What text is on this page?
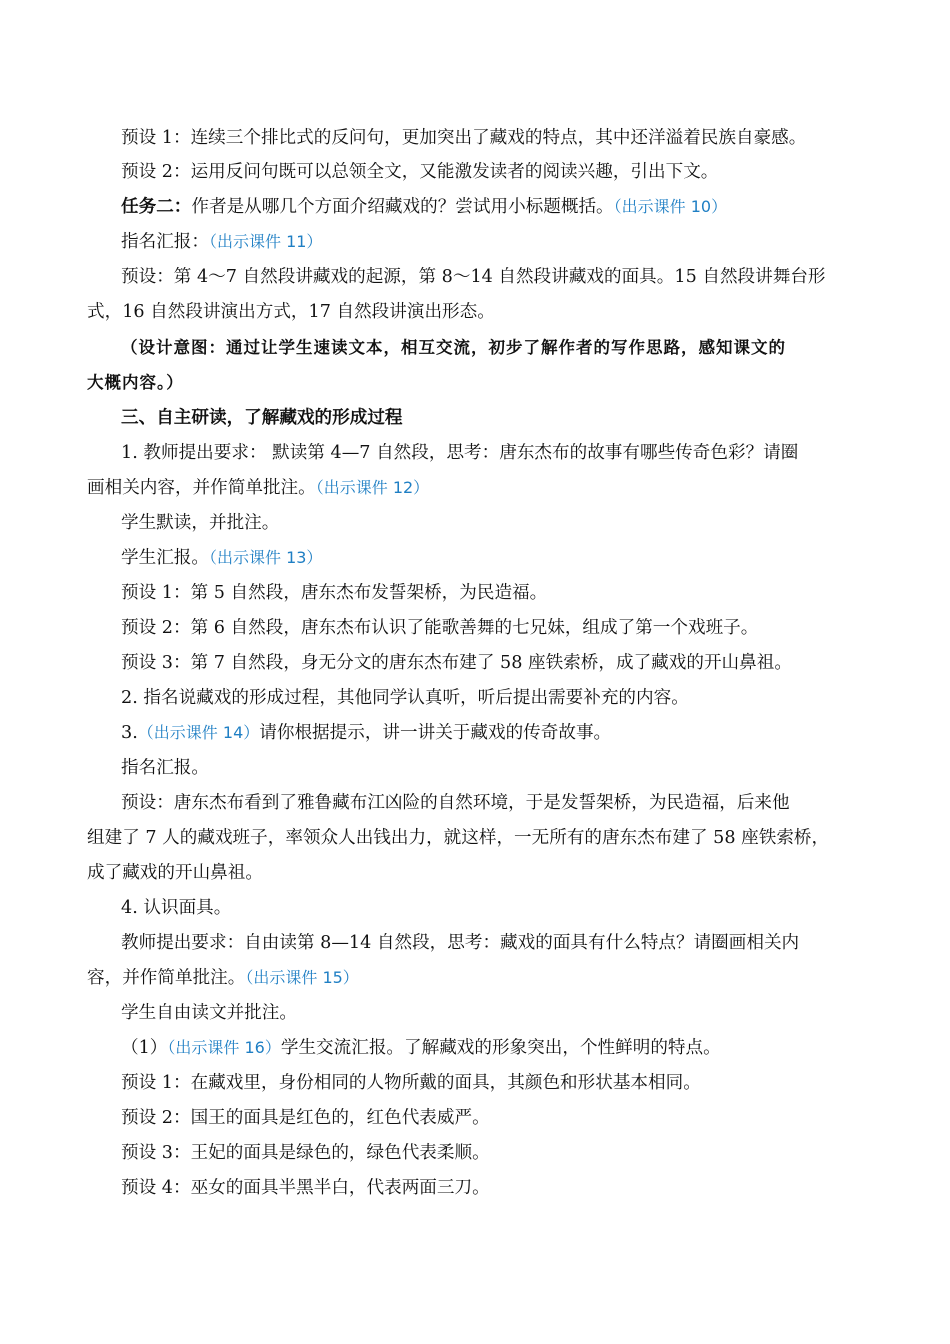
预设 1：连续三个排比式的反问句，更加突出了藏戏的特点，其中还洋溢着民族自豪感。
预设 2：运用反问句既可以总领全文，又能激发读者的阅读兴趣，引出下文。
任务二：作者是从哪几个方面介绍藏戏的？尝试用小标题概括。（出示课件 10）
指名汇报：（出示课件 11）
预设：第 4～7 自然段讲藏戏的起源，第 8～14 自然段讲藏戏的面具。15 自然段讲舞台形
式，16 自然段讲演出方式，17 自然段讲演出形态。
（设计意图：通过让学生速读文本，相互交流，初步了解作者的写作思路，感知课文的
大概内容。）
三、自主研读，了解藏戏的形成过程
1. 教师提出要求： 默读第 4—7 自然段，思考：唐东杰布的故事有哪些传奇色彩？请圈
画相关内容，并作简单批注。（出示课件 12）
学生默读，并批注。
学生汇报。（出示课件 13）
预设 1：第 5 自然段，唐东杰布发誓架桥，为民造福。
预设 2：第 6 自然段，唐东杰布认识了能歌善舞的七兄妹，组成了第一个戏班子。
预设 3：第 7 自然段，身无分文的唐东杰布建了 58 座铁索桥，成了藏戏的开山鼻祖。
2. 指名说藏戏的形成过程，其他同学认真听，听后提出需要补充的内容。
3.（出示课件 14）请你根据提示，讲一讲关于藏戏的传奇故事。
指名汇报。
预设：唐东杰布看到了雅鲁藏布江凶险的自然环境，于是发誓架桥，为民造福，后来他
组建了 7 人的藏戏班子，率领众人出钱出力，就这样，一无所有的唐东杰布建了 58 座铁索桥，
成了藏戏的开山鼻祖。
4. 认识面具。
教师提出要求：自由读第 8—14 自然段，思考：藏戏的面具有什么特点？请圈画相关内
容，并作简单批注。（出示课件 15）
学生自由读文并批注。
（1）（出示课件 16）学生交流汇报。了解藏戏的形象突出，个性鲜明的特点。
预设 1：在藏戏里，身份相同的人物所戴的面具，其颜色和形状基本相同。
预设 2：国王的面具是红色的，红色代表威严。
预设 3：王妃的面具是绿色的，绿色代表柔顺。
预设 4：巫女的面具半黑半白，代表两面三刀。
